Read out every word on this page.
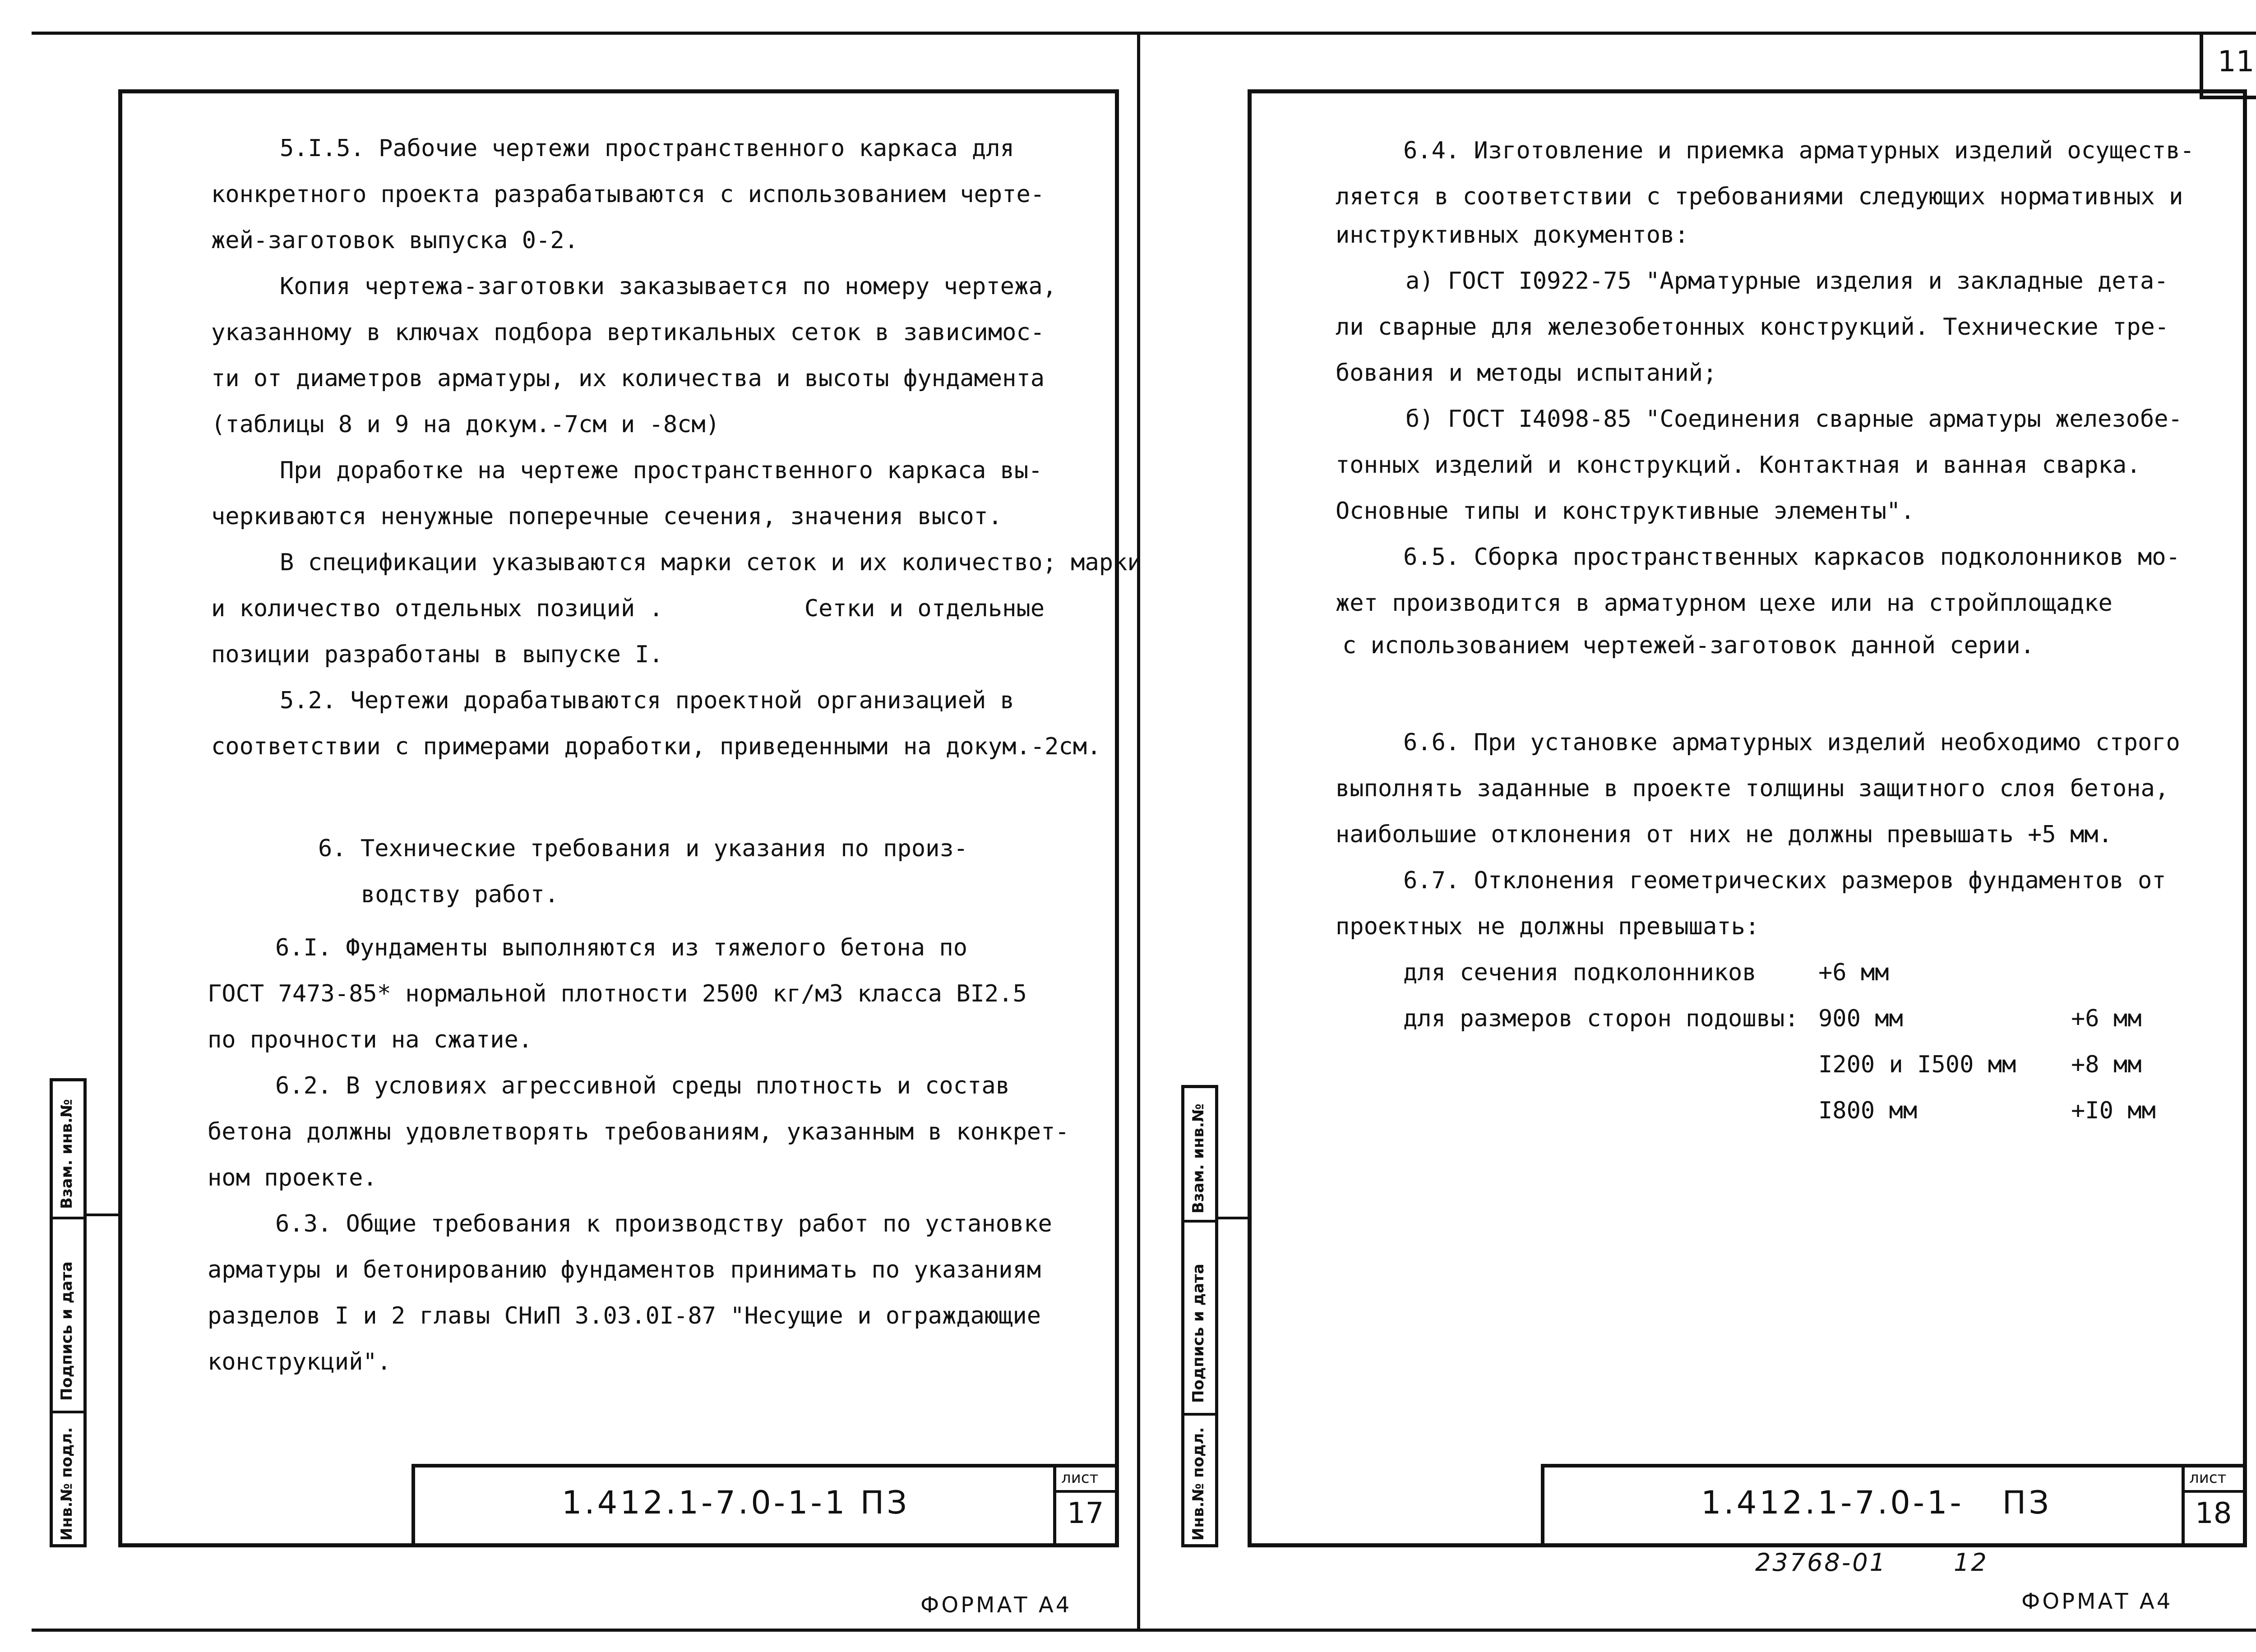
5.I.5. Рабочие чертежи пространственного каркаса для
конкретного проекта разрабатываются с использованием черте-
жей-заготовок выпуска 0-2.
Копия чертежа-заготовки заказывается по номеру чертежа,
указанному в ключах подбора вертикальных сеток в зависимос-
ти от диаметров арматуры, их количества и высоты фундамента
(таблицы 8 и 9 на докум.-7см и -8см)
При доработке на чертеже пространственного каркаса вы-
черкиваются ненужные поперечные сечения, значения высот.
В спецификации указываются марки сеток и их количество; марки
и количество отдельных позиций .          Сетки и отдельные
позиции разработаны в выпуске I.
5.2. Чертежи дорабатываются проектной организацией в
соответствии с примерами доработки, приведенными на докум.-2см.
6. Технические требования и указания по произ-
водству работ.
6.I. Фундаменты выполняются из тяжелого бетона по
ГОСТ 7473-85* нормальной плотности 2500 кг/м3 класса BI2.5
по прочности на сжатие.
6.2. В условиях агрессивной среды плотность и состав
бетона должны удовлетворять требованиям, указанным в конкрет-
ном проекте.
6.3. Общие требования к производству работ по установке
арматуры и бетонированию фундаментов принимать по указаниям
разделов I и 2 главы СНиП 3.03.0I-87 "Несущие и ограждающие
конструкций".
1.412.1-7.0-1-1 ПЗ
лист
17
Инв.№ подл.
Подпись и дата
Взам. инв.№
ФОРМАТ А4
11
6.4. Изготовление и приемка арматурных изделий осуществ-
ляется в соответствии с требованиями следующих нормативных и
инструктивных документов:
а) ГОСТ I0922-75 "Арматурные изделия и закладные дета-
ли сварные для железобетонных конструкций. Технические тре-
бования и методы испытаний;
б) ГОСТ I4098-85 "Соединения сварные арматуры железобе-
тонных изделий и конструкций. Контактная и ванная сварка.
Основные типы и конструктивные элементы".
6.5. Сборка пространственных каркасов подколонников мо-
жет производится в арматурном цехе или на стройплощадке
с использованием чертежей-заготовок данной серии.
6.6. При установке арматурных изделий необходимо строго
выполнять заданные в проекте толщины защитного слоя бетона,
наибольшие отклонения от них не должны превышать +5 мм.
6.7. Отклонения геометрических размеров фундаментов от
проектных не должны превышать:
для сечения подколонников	+6 мм
для размеров сторон подошвы: 900 мм	+6 мм
I200 и I500 мм +8 мм
I800 мм	+I0 мм
1.412.1-7.0-1-   ПЗ
лист
18
23768-01	12
Инв.№ подл.
Подпись и дата
Взам. инв.№
ФОРМАТ А4
